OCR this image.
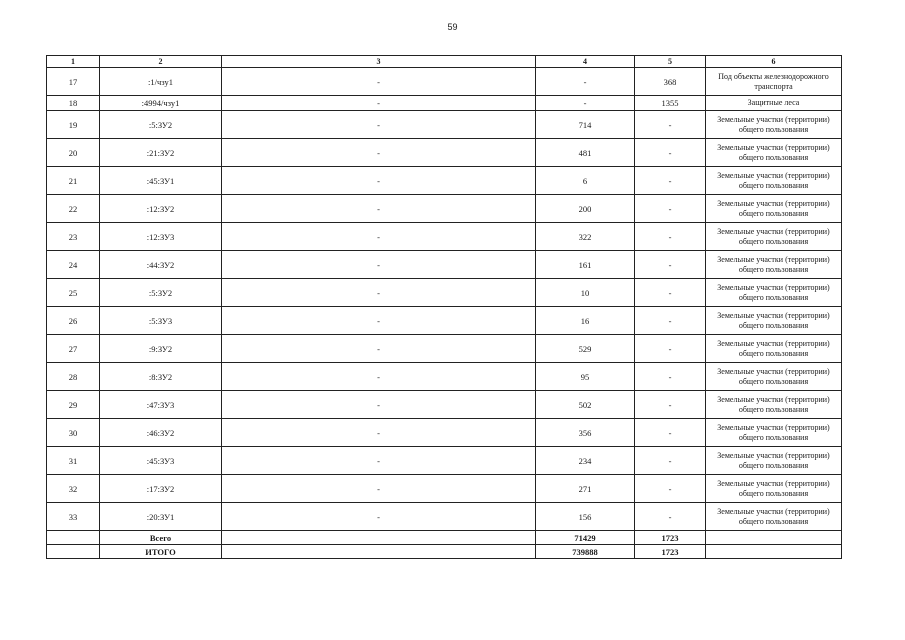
59
1	2	3	4	5	6
17	:1/чзу1	-	-	368	Под объекты железнодорожного транспорта
18	:4994/чзу1	-	-	1355	Защитные леса
19	:5:ЗУ2	-	714	-	Земельные участки (территории) общего пользования
20	:21:ЗУ2	-	481	-	Земельные участки (территории) общего пользования
21	:45:ЗУ1	-	6	-	Земельные участки (территории) общего пользования
22	:12:ЗУ2	-	200	-	Земельные участки (территории) общего пользования
23	:12:ЗУ3	-	322	-	Земельные участки (территории) общего пользования
24	:44:ЗУ2	-	161	-	Земельные участки (территории) общего пользования
25	:5:ЗУ2	-	10	-	Земельные участки (территории) общего пользования
26	:5:ЗУ3	-	16	-	Земельные участки (территории) общего пользования
27	:9:ЗУ2	-	529	-	Земельные участки (территории) общего пользования
28	:8:ЗУ2	-	95	-	Земельные участки (территории) общего пользования
29	:47:ЗУ3	-	502	-	Земельные участки (территории) общего пользования
30	:46:ЗУ2	-	356	-	Земельные участки (территории) общего пользования
31	:45:ЗУ3	-	234	-	Земельные участки (территории) общего пользования
32	:17:ЗУ2	-	271	-	Земельные участки (территории) общего пользования
33	:20:ЗУ1	-	156	-	Земельные участки (территории) общего пользования
	Всего		71429	1723	
	ИТОГО		739888	1723	
